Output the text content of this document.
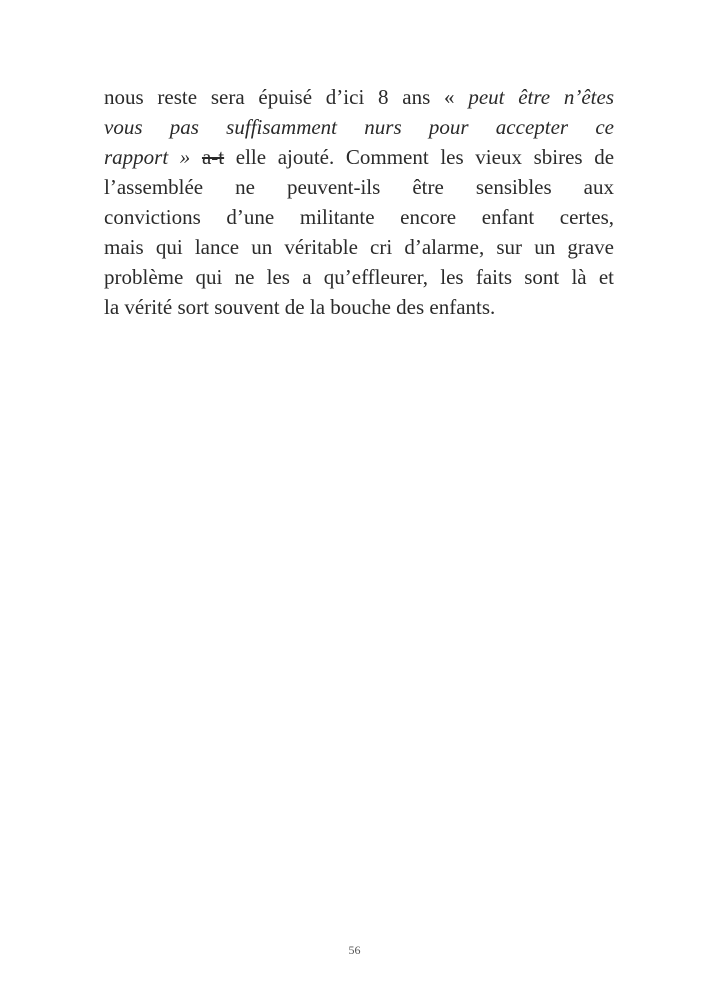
nous reste sera épuisé d’ici 8 ans « peut être n’êtes
vous pas suffisamment nurs pour accepter ce
rapport » a-t elle ajouté. Comment les vieux sbires de
l’assemblée ne peuvent-ils être sensibles aux
convictions d’une militante encore enfant certes,
mais qui lance un véritable cri d’alarme, sur un grave
problème qui ne les a qu’effleurer, les faits sont là et
la vérité sort souvent de la bouche des enfants.
56
